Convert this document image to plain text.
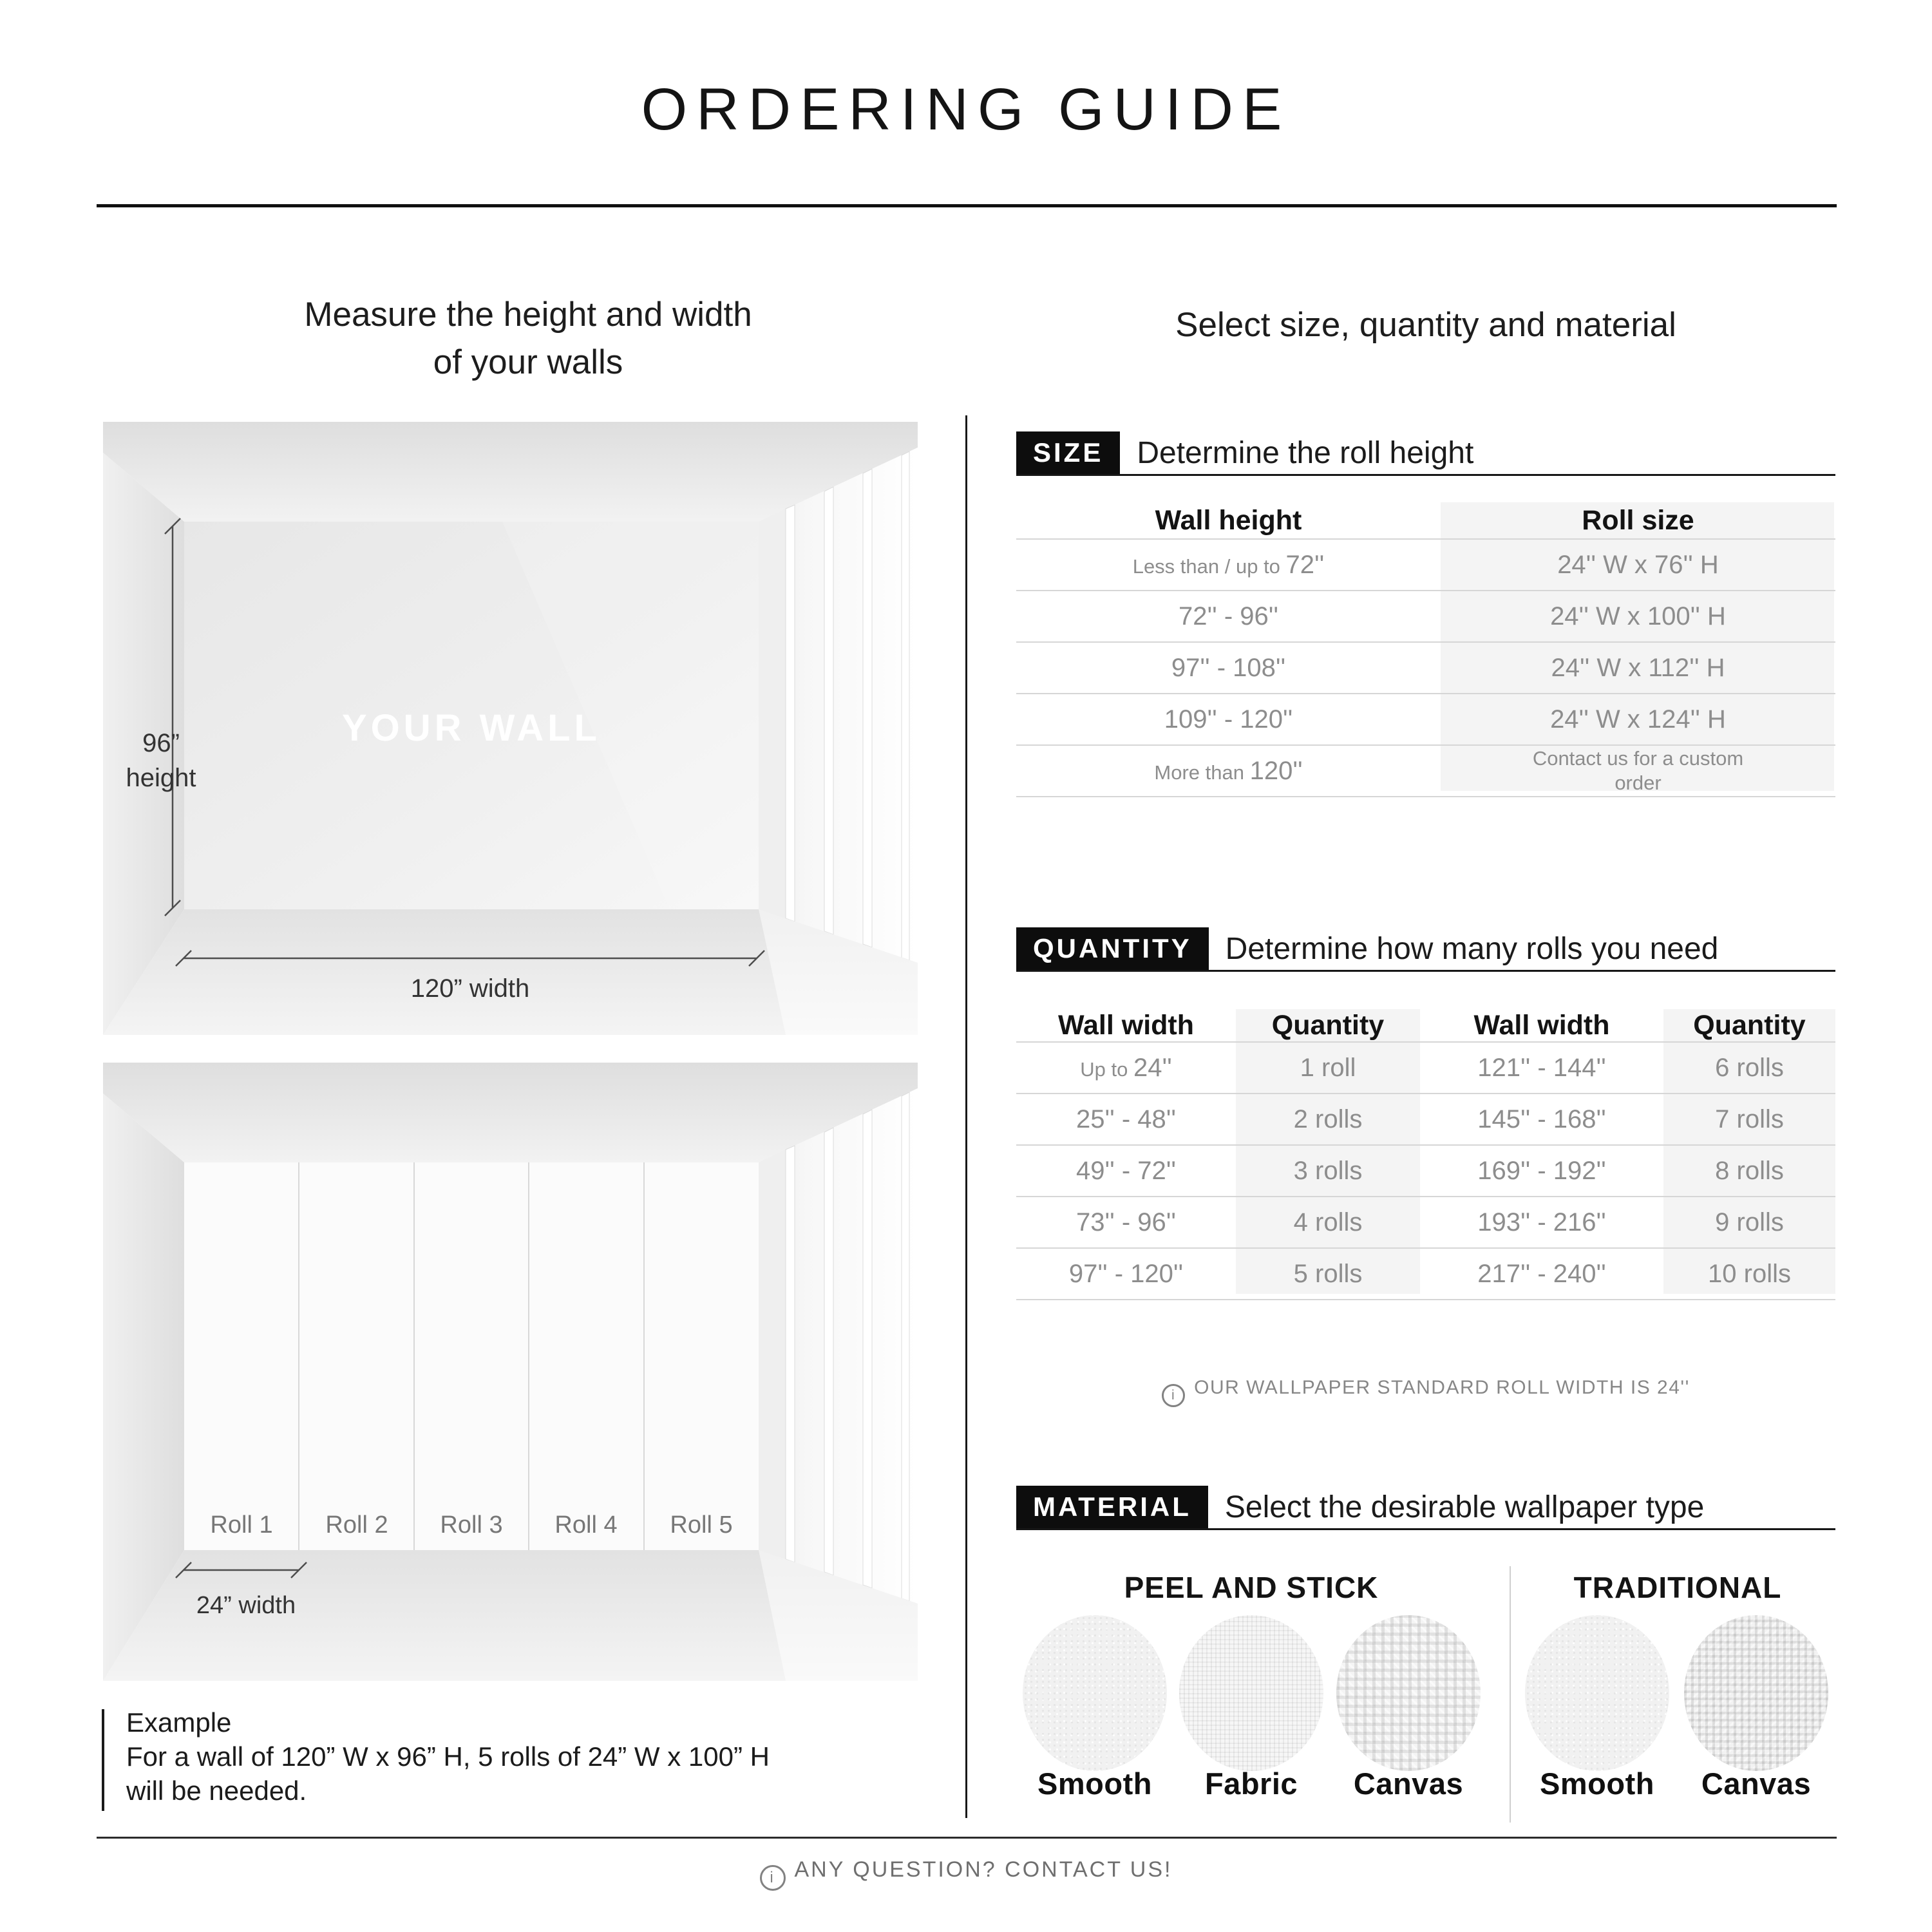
ORDERING GUIDE
Measure the height and width
of your walls
Select size, quantity and material
YOUR WALL
96”
height
120” width
Roll 1 Roll 2 Roll 3 Roll 4 Roll 5
24” width
Example
For a wall of 120” W x 96” H, 5 rolls of 24” W x 100” H
will be needed.
SIZE	Determine the roll height
Wall height	Roll size
Less than / up to 72''	24'' W x 76'' H
72'' - 96''	24'' W x 100'' H
97'' - 108''	24'' W x 112'' H
109'' - 120''	24'' W x 124'' H
More than 120''	Contact us for a custom order
QUANTITY	Determine how many rolls you need
Wall width	Quantity	Wall width	Quantity
Up to 24''	1 roll	121'' - 144''	6 rolls
25'' - 48''	2 rolls	145'' - 168''	7 rolls
49'' - 72''	3 rolls	169'' - 192''	8 rolls
73'' - 96''	4 rolls	193'' - 216''	9 rolls
97'' - 120''	5 rolls	217'' - 240''	10 rolls
i OUR WALLPAPER STANDARD ROLL WIDTH IS 24''
MATERIAL	Select the desirable wallpaper type
PEEL AND STICK	TRADITIONAL
Smooth	Fabric	Canvas	Smooth	Canvas
i ANY QUESTION? CONTACT US!
